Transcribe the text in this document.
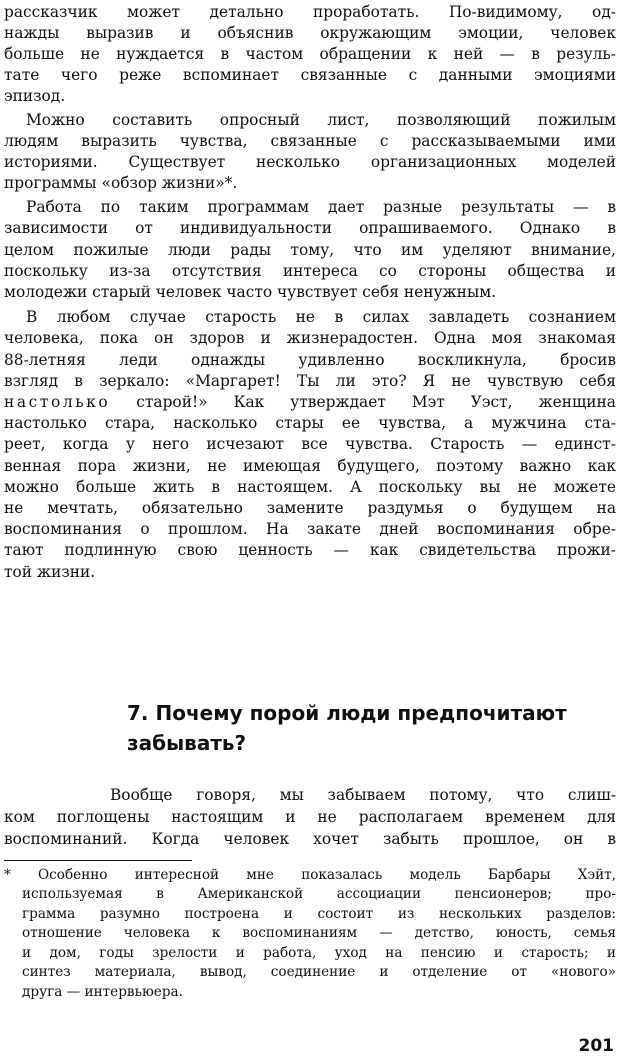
рассказчик может детально проработать. По-видимому, од-
нажды выразив и объяснив окружающим эмоции, человек
больше не нуждается в частом обращении к ней — в резуль-
тате чего реже вспоминает связанные с данными эмоциями
эпизод.
Можно составить опросный лист, позволяющий пожилым
людям выразить чувства, связанные с рассказываемыми ими
историями. Существует несколько организационных моделей
программы «обзор жизни»*.
Работа по таким программам дает разные результаты — в
зависимости от индивидуальности опрашиваемого. Однако в
целом пожилые люди рады тому, что им уделяют внимание,
поскольку из-за отсутствия интереса со стороны общества и
молодежи старый человек часто чувствует себя ненужным.
В любом случае старость не в силах завладеть сознанием
человека, пока он здоров и жизнерадостен. Одна моя знакомая
88-летняя леди однажды удивленно воскликнула, бросив
взгляд в зеркало: «Маргарет! Ты ли это? Я не чувствую себя
настолько старой!» Как утверждает Мэт Уэст, женщина
настолько стара, насколько стары ее чувства, а мужчина ста-
реет, когда у него исчезают все чувства. Старость — единст-
венная пора жизни, не имеющая будущего, поэтому важно как
можно больше жить в настоящем. А поскольку вы не можете
не мечтать, обязательно замените раздумья о будущем на
воспоминания о прошлом. На закате дней воспоминания обре-
тают подлинную свою ценность — как свидетельства прожи-
той жизни.
7. Почему порой люди предпочитают
забывать?
Вообще говоря, мы забываем потому, что слиш-
ком поглощены настоящим и не располагаем временем для
воспоминаний. Когда человек хочет забыть прошлое, он в
* Особенно интересной мне показалась модель Барбары Хэйт,
используемая в Американской ассоциации пенсионеров; про-
грамма разумно построена и состоит из нескольких разделов:
отношение человека к воспоминаниям — детство, юность, семья
и дом, годы зрелости и работа, уход на пенсию и старость; и
синтез материала, вывод, соединение и отделение от «нового»
друга — интервьюера.
201
